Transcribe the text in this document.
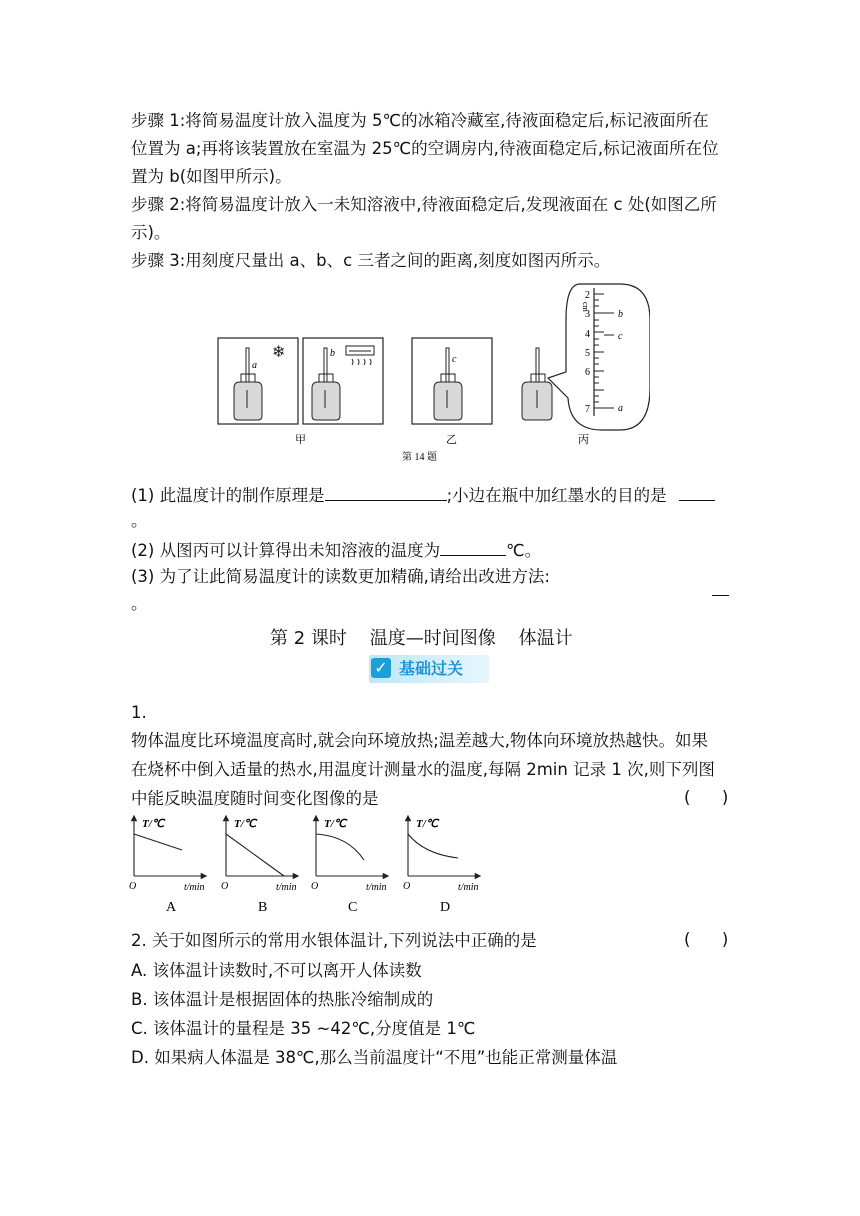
步骤 1:将简易温度计放入温度为 5℃的冰箱冷藏室,待液面稳定后,标记液面所在
位置为 a;再将该装置放在室温为 25℃的空调房内,待液面稳定后,标记液面所在位
置为 b(如图甲所示)。
步骤 2:将简易温度计放入一未知溶液中,待液面稳定后,发现液面在 c 处(如图乙所
示)。
步骤 3:用刻度尺量出 a、b、c 三者之间的距离,刻度如图丙所示。
a
❄	b
c
2
cm
3
4
5
6
7
b
c
a
甲	乙	丙
第 14 题
(1) 此温度计的制作原理是	;小边在瓶中加红墨水的目的是
。
(2) 从图丙可以计算得出未知溶液的温度为	℃。
(3) 为了让此简易温度计的读数更加精确,请给出改进方法:
。
第 2 课时    温度—时间图像    体温计
✓ 基础过关
1.
物体温度比环境温度高时,就会向环境放热;温差越大,物体向环境放热越快。如果
在烧杯中倒入适量的热水,用温度计测量水的温度,每隔 2min 记录 1 次,则下列图
中能反映温度随时间变化图像的是	(      )
T/℃
O	t/min
A
T/℃
O	t/min
B
T/℃
O	t/min
C
T/℃
O	t/min
D
2. 关于如图所示的常用水银体温计,下列说法中正确的是	(      )
A. 该体温计读数时,不可以离开人体读数
B. 该体温计是根据固体的热胀冷缩制成的
C. 该体温计的量程是 35 ~42℃,分度值是 1℃
D. 如果病人体温是 38℃,那么当前温度计“不甩”也能正常测量体温
